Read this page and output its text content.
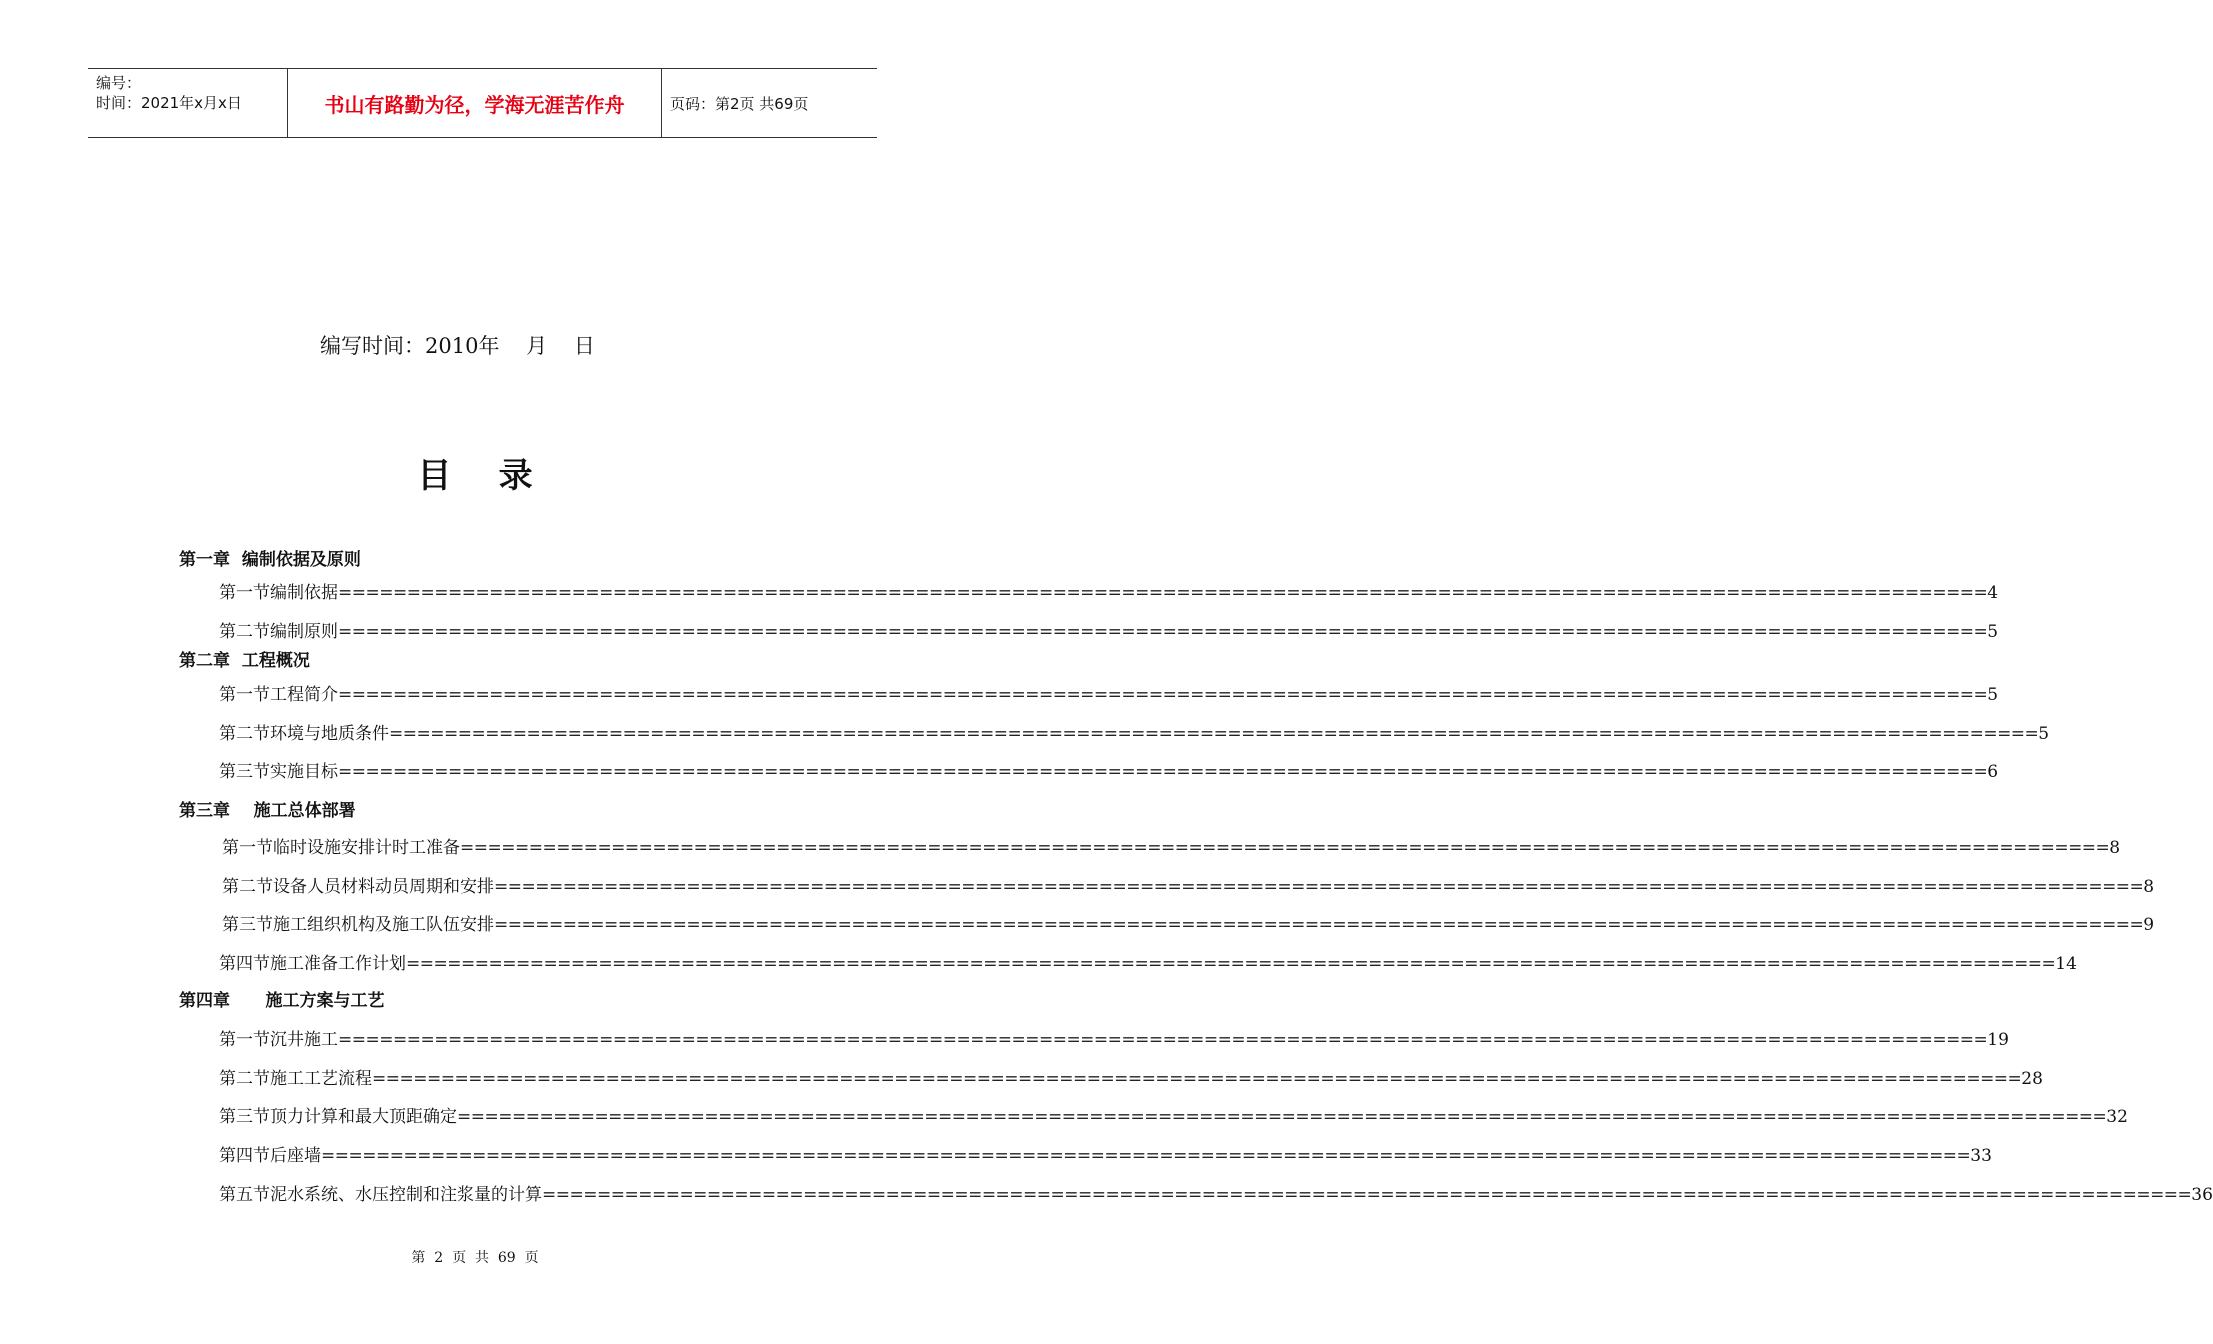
编号：
时间：2021年x月x日	书山有路勤为径，学海无涯苦作舟	页码：第2页 共69页
编写时间：2010年    月    日
目    录
第一章  编制依据及原则
第一节 编制依据 ======================================================================================================================== 4
第二节 编制原则 ======================================================================================================================== 5
第二章  工程概况
第一节 工程简介 ======================================================================================================================== 5
第二节 环境与地质条件 ======================================================================================================================== 5
第三节 实施目标 ======================================================================================================================== 6
第三章    施工总体部署
第一节 临时设施安排计时工准备 ======================================================================================================================== 8
第二节 设备人员材料动员周期和安排 ======================================================================================================================== 8
第三节 施工组织机构及施工队伍安排 ======================================================================================================================== 9
第四节 施工准备工作计划 ======================================================================================================================== 14
第四章      施工方案与工艺
第一节 沉井施工 ======================================================================================================================== 19
第二节 施工工艺流程 ======================================================================================================================== 28
第三节 顶力计算和最大顶距确定 ======================================================================================================================== 32
第四节 后座墙 ======================================================================================================================== 33
第五节 泥水系统、水压控制和注浆量的计算 ======================================================================================================================== 36
第  2  页  共  69  页
